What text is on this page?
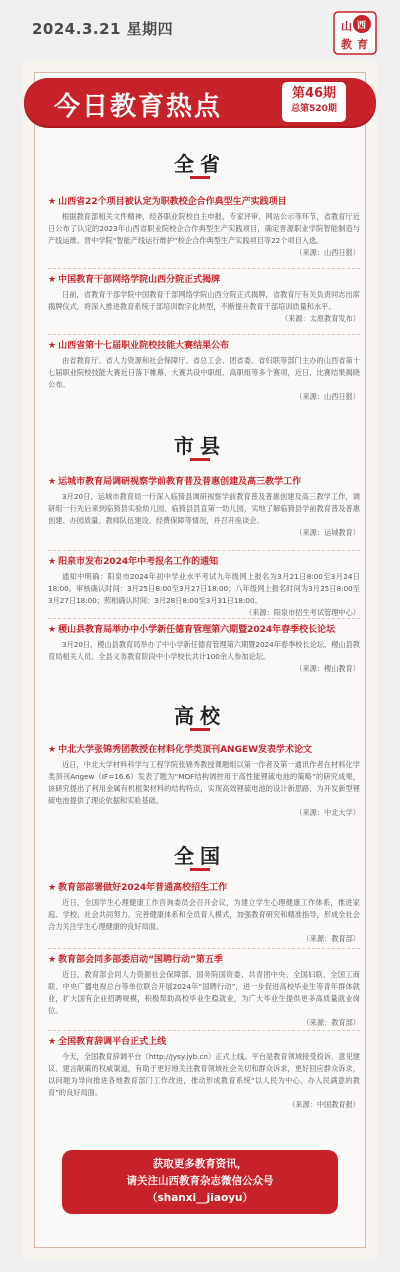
2024.3.21 星期四	山 西
教 育
今日教育热点	第46期
总第520期
全省
★ 山西省22个项目被认定为职教校企合作典型生产实践项目
根据教育部相关文件精神，经各职业院校自主申报、专家评审、网站公示等环节，省教育厅近日公布了认定的2023年山西省职业院校企合作典型生产实践项目，确定晋源职业学院智能制造与产线运维、晋中学院“智能产线运行维护”校企合作典型生产实践项目等22个项目入选。
（来源：山西日报）
★ 中国教育干部网络学院山西分院正式揭牌
日前，省教育干部学院中国教育干部网络学院山西分院正式揭牌，省教育厅有关负责同志出席揭牌仪式，将深入推进教育系统干部培训数字化转型，不断提升教育干部培训质量和水平。
（来源：太原教育发布）
★ 山西省第十七届职业院校技能大赛结果公布
由省教育厅、省人力资源和社会保障厅、省总工会、团省委、省妇联等部门主办的山西省第十七届职业院校技能大赛近日落下帷幕，大赛共设中职组、高职组等多个赛项，近日，比赛结果揭晓公布。
（来源：山西日报）
市县
★ 运城市教育局调研视察学前教育普及普惠创建及高三教学工作
3月20日，运城市教育局一行深入临猗县调研视察学前教育普及普惠创建及高三教学工作，调研组一行先后来到临猗县实验幼儿园、临猗县县直第一幼儿园，实地了解临猗县学前教育普及普惠创建、办园质量、教师队伍建设、经费保障等情况，并召开座谈会。
（来源：运城教育）
★ 阳泉市发布2024年中考报名工作的通知
通知中明确：阳泉市2024年初中学业水平考试九年级网上报名为3月21日8:00至3月24日18:00。审核确认时间：3月25日8:00至3月27日18:00；八年级网上报名时间为3月25日8:00至3月27日18:00；照相确认时间：3月28日8:00至3月31日18:00。
（来源：阳泉市招生考试管理中心）
★ 稷山县教育局举办中小学新任德育管理第六期暨2024年春季校长论坛
3月20日，稷山县教育局举办了中小学新任德育管理第六期暨2024年春季校长论坛，稷山县教育局相关人员、全县义务教育阶段中小学校长共计100余人参加论坛。
（来源：稷山教育）
高校
★ 中北大学张锦秀团教授在材料化学类顶刊ANGEW发表学术论文
近日，中北大学材料科学与工程学院张锦秀教授课题组以第一作者及第一通讯作者在材料化学类顶刊Angew（IF=16.6）发表了题为“MOF结构调控用于高性能锂硫电池的策略”的研究成果，该研究提出了利用金属有机框架材料的结构特点，实现高效锂硫电池的设计新思路，为开发新型锂硫电池提供了理论依据和实验基础。
（来源：中北大学）
全国
★ 教育部部署做好2024年普通高校招生工作
近日，全国学生心理健康工作咨询委员会召开会议，为建立学生心理健康工作体系，推进家庭、学校、社会共同努力，完善健康体系和全员育人模式，加强教育研究和精准指导，形成全社会合力关注学生心理健康的良好局面。
（来源：教育部）
★ 教育部会同多部委启动“国聘行动”第五季
近日，教育部会同人力资源社会保障部、国务院国资委、共青团中央、全国妇联、全国工商联、中央广播电视总台等单位联合开展2024年“国聘行动”，进一步促进高校毕业生等青年群体就业，扩大国有企业招聘规模，积极帮助高校毕业生稳就业，为广大毕业生提供更多高质量就业岗位。
（来源：教育部）
★ 全国教育辞调平台正式上线
今天，全国教育辞调平台（http://jysy.jyb.cn）正式上线。平台是教育领域接受投诉、意见建议、建言献策的权威渠道，有助于更好地关注教育领域社会关切和群众诉求，更好回应群众诉求，以问题为导向推进各地教育部门工作改进，推动形成教育系统“以人民为中心、办人民满意的教育”的良好局面。
（来源：中国教育报）
获取更多教育资讯，
请关注山西教育杂志微信公众号
（shanxi__jiaoyu）
